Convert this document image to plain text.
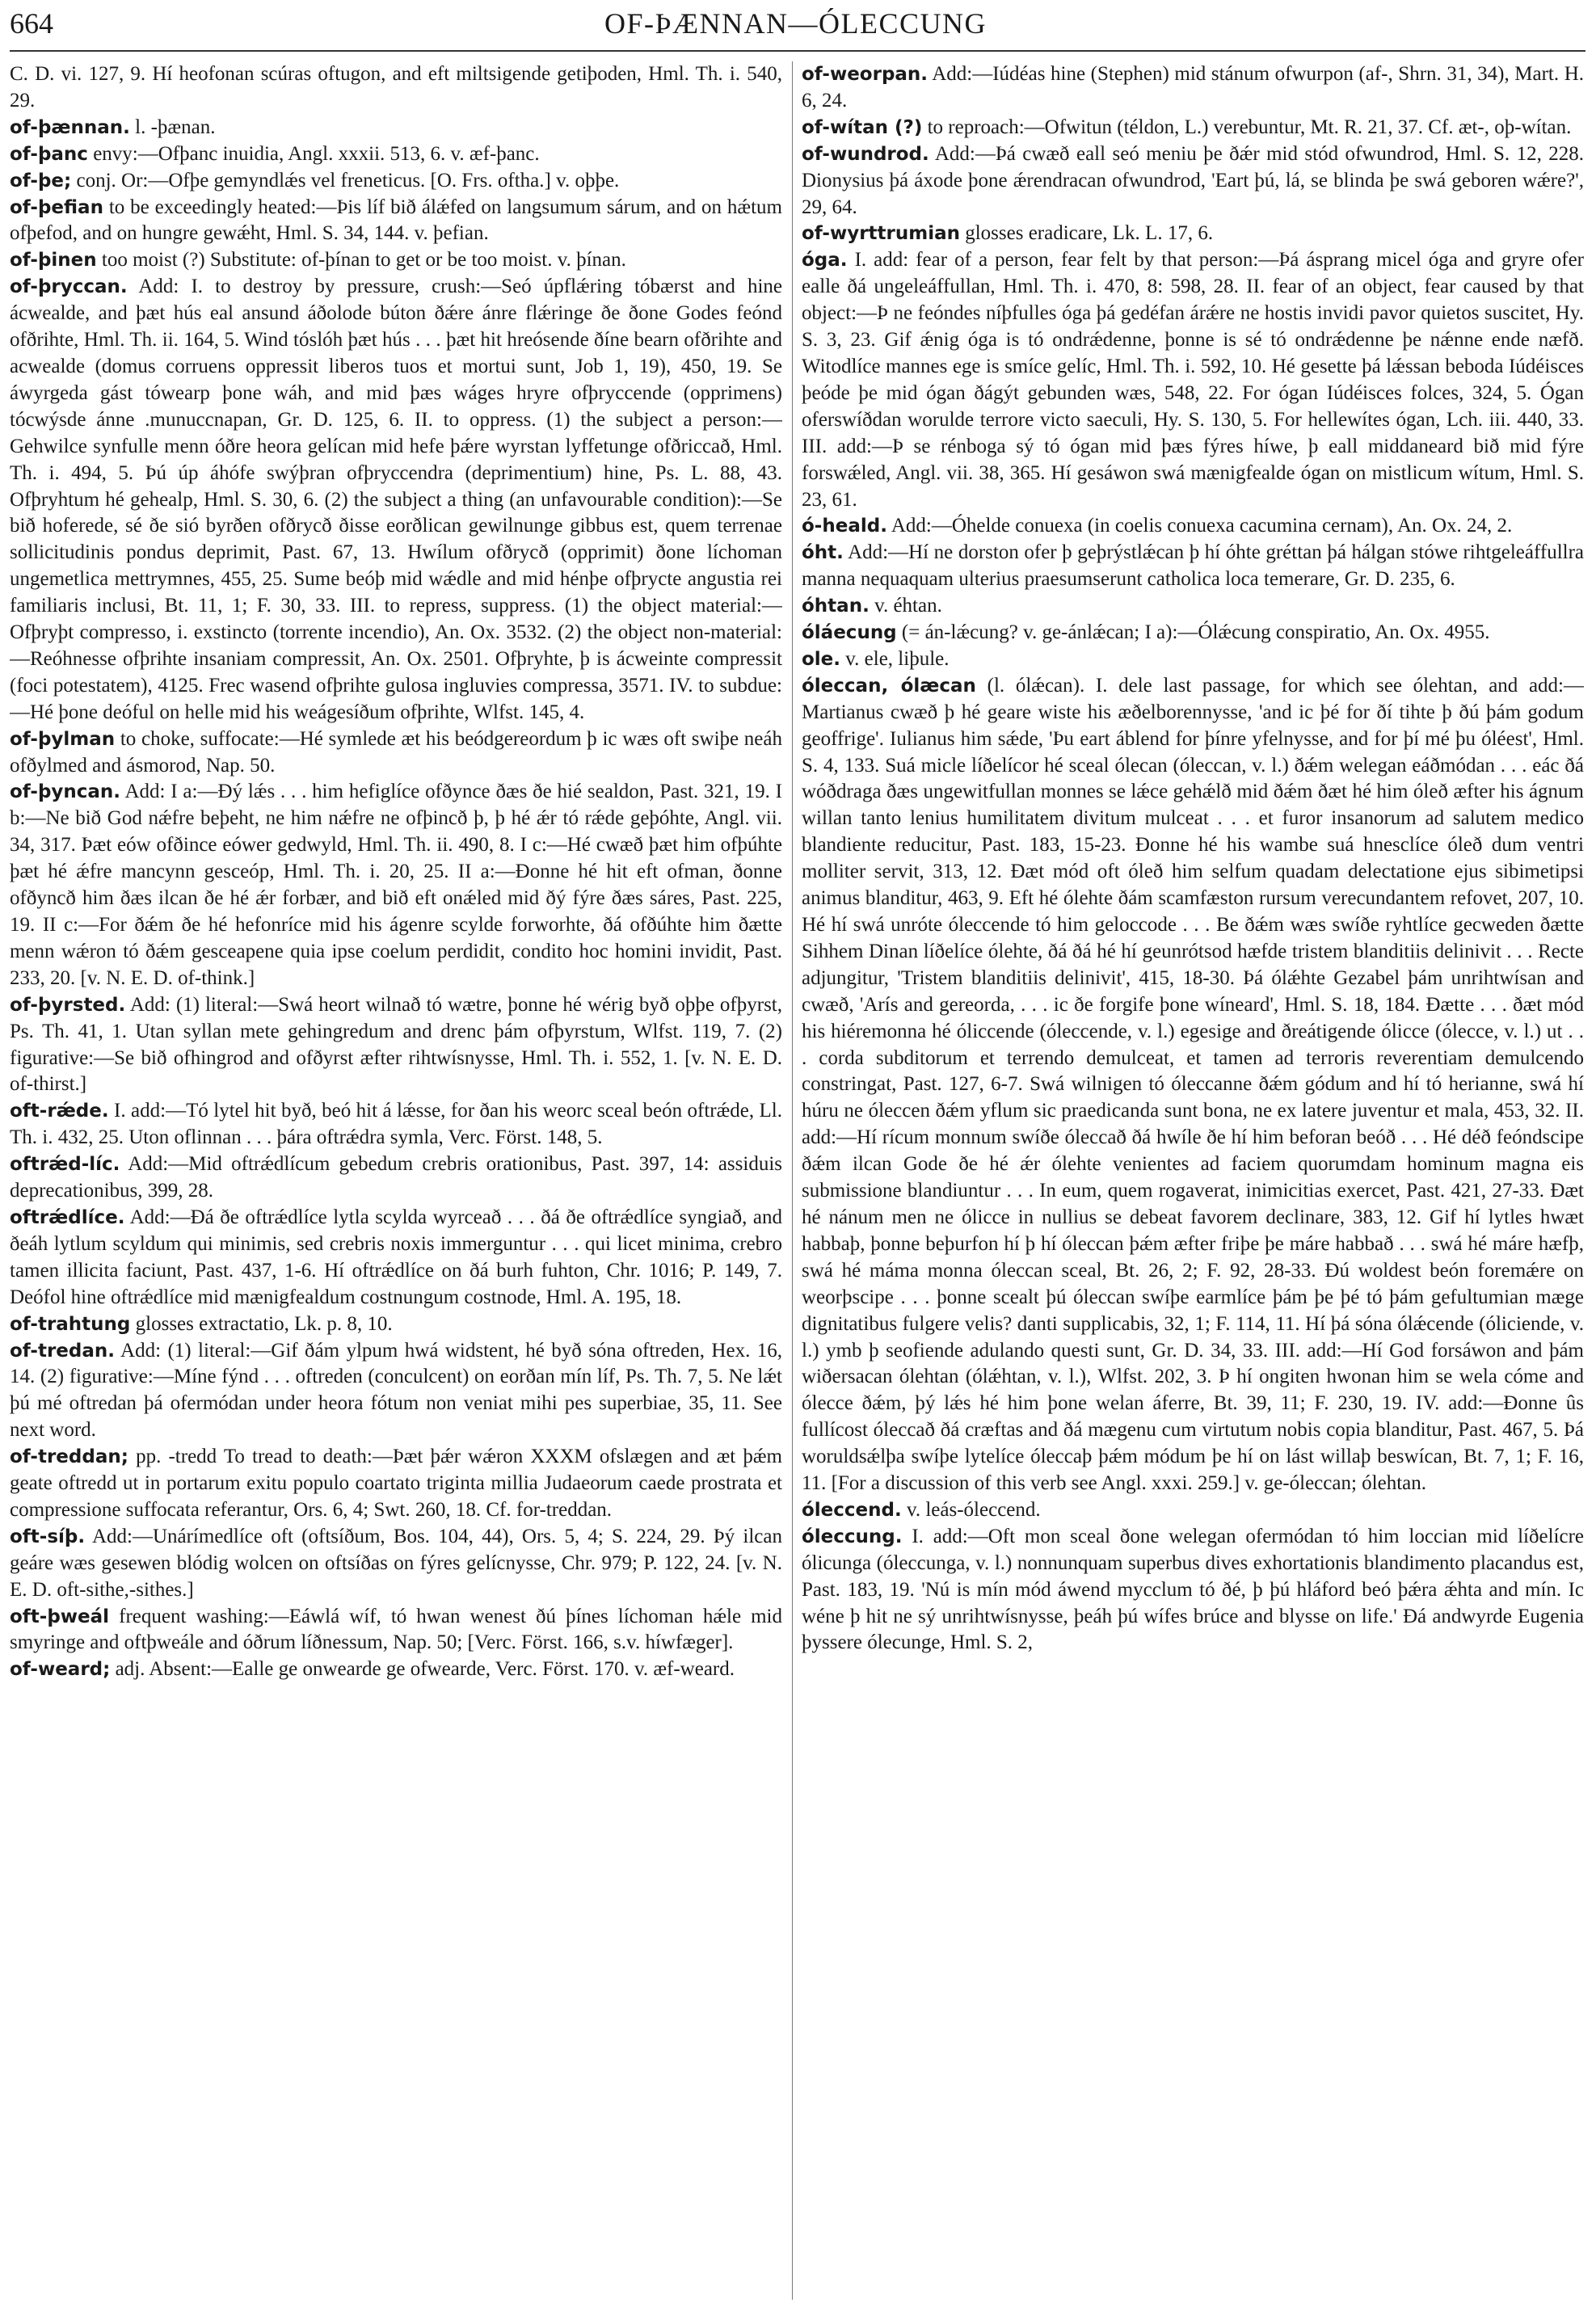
664	OF-ÞÆNNAN—ÓLECCUNG

C. D. vi. 127, 9. Hí heofonan scúras oftugon, and eft miltsigende getiþoden, Hml. Th. i. 540, 29.

of-þænnan. l. -þænan.

of-þanc envy:—Ofþanc inuidia, Angl. xxxii. 513, 6. v. æf-þanc.

of-þe; conj. Or:—Ofþe gemyndlǽs vel freneticus. [O. Frs. oftha.] v. oþþe.

of-þefian to be exceedingly heated:—Þis líf bið álǽfed on langsumum sárum, and on hǽtum ofþefod, and on hungre gewǽht, Hml. S. 34, 144. v. þefian.

of-þinen too moist (?) Substitute: of-þínan to get or be too moist. v. þínan.

of-þryccan. Add: I. to destroy by pressure, crush:—Seó úpflǽring tóbærst and hine ácwealde, and þæt hús eal ansund áðolode búton ðǽre ánre flǽringe ðe ðone Godes feónd ofðrihte, Hml. Th. ii. 164, 5. Wind tóslóh þæt hús . . . þæt hit hreósende ðíne bearn ofðrihte and acwealde (domus corruens oppressit liberos tuos et mortui sunt, Job 1, 19), 450, 19. Se áwyrgeda gást tówearp þone wáh, and mid þæs wáges hryre ofþryccende (opprimens) tócwýsde ánne .munuccnapan, Gr. D. 125, 6. II. to oppress. (1) the subject a person:—Gehwilce synfulle menn óðre heora gelícan mid hefe þǽre wyrstan lyffetunge ofðriccað, Hml. Th. i. 494, 5. Þú úp áhófe swýþran ofþryccendra (deprimentium) hine, Ps. L. 88, 43. Ofþryhtum hé gehealp, Hml. S. 30, 6. (2) the subject a thing (an unfavourable condition):—Se bið hoferede, sé ðe sió byrðen ofðrycð ðisse eorðlican gewilnunge gibbus est, quem terrenae sollicitudinis pondus deprimit, Past. 67, 13. Hwílum ofðrycð (opprimit) ðone líchoman ungemetlica mettrymnes, 455, 25. Sume beóþ mid wǽdle and mid hénþe ofþrycte angustia rei familiaris inclusi, Bt. 11, 1; F. 30, 33. III. to repress, suppress. (1) the object material:—Ofþryþt compresso, i. exstincto (torrente incendio), An. Ox. 3532. (2) the object non-material:—Reóhnesse ofþrihte insaniam compressit, An. Ox. 2501. Ofþryhte, þ is ácweinte compressit (foci potestatem), 4125. Frec wasend ofþrihte gulosa ingluvies compressa, 3571. IV. to subdue:—Hé þone deóful on helle mid his weágesíðum ofþrihte, Wlfst. 145, 4.

of-þylman to choke, suffocate:—Hé symlede æt his beódgereordum þ ic wæs oft swiþe neáh ofðylmed and ásmorod, Nap. 50.

of-þyncan. Add: I a:—Ðý lǽs . . . him hefiglíce ofðynce ðæs ðe hié sealdon, Past. 321, 19. I b:—Ne bið God nǽfre beþeht, ne him nǽfre ne ofþincð þ, þ hé ǽr tó rǽde geþóhte, Angl. vii. 34, 317. Þæt eów ofðince eówer gedwyld, Hml. Th. ii. 490, 8. I c:—Hé cwæð þæt him ofþúhte þæt hé ǽfre mancynn gesceóp, Hml. Th. i. 20, 25. II a:—Ðonne hé hit eft ofman, ðonne ofðyncð him ðæs ilcan ðe hé ǽr forbær, and bið eft onǽled mid ðý fýre ðæs sáres, Past. 225, 19. II c:—For ðǽm ðe hé hefonríce mid his ágenre scylde forworhte, ðá ofðúhte him ðætte menn wǽron tó ðǽm gesceapene quia ipse coelum perdidit, condito hoc homini invidit, Past. 233, 20. [v. N. E. D. of-think.]

of-þyrsted. Add: (1) literal:—Swá heort wilnað tó wætre, þonne hé wérig byð oþþe ofþyrst, Ps. Th. 41, 1. Utan syllan mete gehingredum and drenc þám ofþyrstum, Wlfst. 119, 7. (2) figurative:—Se bið ofhingrod and ofðyrst æfter rihtwísnysse, Hml. Th. i. 552, 1. [v. N. E. D. of-thirst.]

oft-rǽde. I. add:—Tó lytel hit byð, beó hit á lǽsse, for ðan his weorc sceal beón oftrǽde, Ll. Th. i. 432, 25. Uton oflinnan . . . þára oftrǽdra symla, Verc. Först. 148, 5.

oftrǽd-líc. Add:—Mid oftrǽdlícum gebedum crebris orationibus, Past. 397, 14: assiduis deprecationibus, 399, 28.

oftrǽdlíce. Add:—Ðá ðe oftrǽdlíce lytla scylda wyrceað . . . ðá ðe oftrǽdlíce syngiað, and ðeáh lytlum scyldum qui minimis, sed crebris noxis immerguntur . . . qui licet minima, crebro tamen illicita faciunt, Past. 437, 1-6. Hí oftrǽdlíce on ðá burh fuhton, Chr. 1016; P. 149, 7. Deófol hine oftrǽdlíce mid mænigfealdum costnungum costnode, Hml. A. 195, 18.

of-trahtung glosses extractatio, Lk. p. 8, 10.

of-tredan. Add: (1) literal:—Gif ðám ylpum hwá widstent, hé byð sóna oftreden, Hex. 16, 14. (2) figurative:—Míne fýnd . . . oftreden (conculcent) on eorðan mín líf, Ps. Th. 7, 5. Ne lǽt þú mé oftredan þá ofermódan under heora fótum non veniat mihi pes superbiae, 35, 11. See next word.

of-treddan; pp. -tredd To tread to death:—Þæt þǽr wǽron XXXM ofslægen and æt þǽm geate oftredd ut in portarum exitu populo coartato triginta millia Judaeorum caede prostrata et compressione suffocata referantur, Ors. 6, 4; Swt. 260, 18. Cf. for-treddan.

oft-síþ. Add:—Unárímedlíce oft (oftsíðum, Bos. 104, 44), Ors. 5, 4; S. 224, 29. Þý ilcan geáre wæs gesewen blódig wolcen on oftsíðas on fýres gelícnysse, Chr. 979; P. 122, 24. [v. N. E. D. oft-sithe,-sithes.]

oft-þweál frequent washing:—Eáwlá wíf, tó hwan wenest ðú þínes líchoman hǽle mid smyringe and oftþweále and óðrum líðnessum, Nap. 50; [Verc. Först. 166, s.v. híwfæger].

of-weard; adj. Absent:—Ealle ge onwearde ge ofwearde, Verc. Först. 170. v. æf-weard.

of-weorpan. Add:—Iúdéas hine (Stephen) mid stánum ofwurpon (af-, Shrn. 31, 34), Mart. H. 6, 24.

of-wítan (?) to reproach:—Ofwitun (téldon, L.) verebuntur, Mt. R. 21, 37. Cf. æt-, oþ-wítan.

of-wundrod. Add:—Þá cwæð eall seó meniu þe ðǽr mid stód ofwundrod, Hml. S. 12, 228. Dionysius þá áxode þone ǽrendracan ofwundrod, 'Eart þú, lá, se blinda þe swá geboren wǽre?', 29, 64.

of-wyrttrumian glosses eradicare, Lk. L. 17, 6.

óga. I. add: fear of a person, fear felt by that person:—Þá ásprang micel óga and gryre ofer ealle ðá ungeleáffullan, Hml. Th. i. 470, 8: 598, 28. II. fear of an object, fear caused by that object:—Þ ne feóndes níþfulles óga þá gedéfan árǽre ne hostis invidi pavor quietos suscitet, Hy. S. 3, 23. Gif ǽnig óga is tó ondrǽdenne, þonne is sé tó ondrǽdenne þe nǽnne ende næfð. Witodlíce mannes ege is smíce gelíc, Hml. Th. i. 592, 10. Hé gesette þá lǽssan beboda Iúdéisces þeóde þe mid ógan ðágýt gebunden wæs, 548, 22. For ógan Iúdéisces folces, 324, 5. Ógan oferswíðdan worulde terrore victo saeculi, Hy. S. 130, 5. For hellewítes ógan, Lch. iii. 440, 33. III. add:—Þ se rénboga sý tó ógan mid þæs fýres híwe, þ eall middaneard bið mid fýre forswǽled, Angl. vii. 38, 365. Hí gesáwon swá mænigfealde ógan on mistlicum wítum, Hml. S. 23, 61.

ó-heald. Add:—Óhelde conuexa (in coelis conuexa cacumina cernam), An. Ox. 24, 2.

óht. Add:—Hí ne dorston ofer þ geþrýstlǽcan þ hí óhte gréttan þá hálgan stówe rihtgeleáffullra manna nequaquam ulterius praesumserunt catholica loca temerare, Gr. D. 235, 6.

óhtan. v. éhtan.

óláecung (= án-lǽcung? v. ge-ánlǽcan; I a):—Ólǽcung conspiratio, An. Ox. 4955.

ole. v. ele, liþule.

óleccan, ólæcan (l. ólǽcan). I. dele last passage, for which see ólehtan, and add:—Martianus cwæð þ hé geare wiste his æðelborennysse, 'and ic þé for ðí tihte þ ðú þám godum geoffrige'. Iulianus him sǽde, 'Þu eart áblend for þínre yfelnysse, and for þí mé þu óléest', Hml. S. 4, 133. Suá micle líðelícor hé sceal ólecan (óleccan, v. l.) ðǽm welegan eáðmódan . . . eác ðá wóðdraga ðæs ungewitfullan monnes se lǽce gehǽlð mid ðǽm ðæt hé him óleð æfter his ágnum willan tanto lenius humilitatem divitum mulceat . . . et furor insanorum ad salutem medico blandiente reducitur, Past. 183, 15-23. Ðonne hé his wambe suá hnesclíce óleð dum ventri molliter servit, 313, 12. Ðæt mód oft óleð him selfum quadam delectatione ejus sibimetipsi animus blanditur, 463, 9. Eft hé ólehte ðám scamfæston rursum verecundantem refovet, 207, 10. Hé hí swá unróte óleccende tó him geloccode . . . Be ðǽm wæs swíðe ryhtlíce gecweden ðætte Sihhem Dinan líðelíce ólehte, ðá ðá hé hí geunrótsod hæfde tristem blanditiis delinivit . . . Recte adjungitur, 'Tristem blanditiis delinivit', 415, 18-30. Þá ólǽhte Gezabel þám unrihtwísan and cwæð, 'Arís and gereorda, . . . ic ðe forgife þone wíneard', Hml. S. 18, 184. Ðætte . . . ðæt mód his hiéremonna hé óliccende (óleccende, v. l.) egesige and ðreátigende ólicce (ólecce, v. l.) ut . . . corda subditorum et terrendo demulceat, et tamen ad terroris reverentiam demulcendo constringat, Past. 127, 6-7. Swá wilnigen tó óleccanne ðǽm gódum and hí tó herianne, swá hí húru ne óleccen ðǽm yflum sic praedicanda sunt bona, ne ex latere juventur et mala, 453, 32. II. add:—Hí rícum monnum swíðe óleccað ðá hwíle ðe hí him beforan beóð . . . Hé déð feóndscipe ðǽm ilcan Gode ðe hé ǽr ólehte venientes ad faciem quorumdam hominum magna eis submissione blandiuntur . . . In eum, quem rogaverat, inimicitias exercet, Past. 421, 27-33. Ðæt hé nánum men ne ólicce in nullius se debeat favorem declinare, 383, 12. Gif hí lytles hwæt habbaþ, þonne beþurfon hí þ hí óleccan þǽm æfter friþe þe máre habbað . . . swá hé máre hæfþ, swá hé máma monna óleccan sceal, Bt. 26, 2; F. 92, 28-33. Ðú woldest beón foremǽre on weorþscipe . . . þonne scealt þú óleccan swíþe earmlíce þám þe þé tó þám gefultumian mæge dignitatibus fulgere velis? danti supplicabis, 32, 1; F. 114, 11. Hí þá sóna ólǽcende (óliciende, v. l.) ymb þ seofiende adulando questi sunt, Gr. D. 34, 33. III. add:—Hí God forsáwon and þám wiðersacan ólehtan (ólǽhtan, v. l.), Wlfst. 202, 3. Þ hí ongiten hwonan him se wela cóme and ólecce ðǽm, þý lǽs hé him þone welan áferre, Bt. 39, 11; F. 230, 19. IV. add:—Ðonne ûs fullícost óleccað ðá cræftas and ðá mægenu cum virtutum nobis copia blanditur, Past. 467, 5. Þá woruldsǽlþa swíþe lytelíce óleccaþ þǽm módum þe hí on lást willaþ beswícan, Bt. 7, 1; F. 16, 11. [For a discussion of this verb see Angl. xxxi. 259.] v. ge-óleccan; ólehtan.

óleccend. v. leás-óleccend.

óleccung. I. add:—Oft mon sceal ðone welegan ofermódan tó him loccian mid líðelícre ólicunga (óleccunga, v. l.) nonnunquam superbus dives exhortationis blandimento placandus est, Past. 183, 19. 'Nú is mín mód áwend mycclum tó ðé, þ þú hláford beó þǽra ǽhta and mín. Ic wéne þ hit ne sý unrihtwísnysse, þeáh þú wífes brúce and blysse on life.' Ðá andwyrde Eugenia þyssere ólecunge, Hml. S. 2,
